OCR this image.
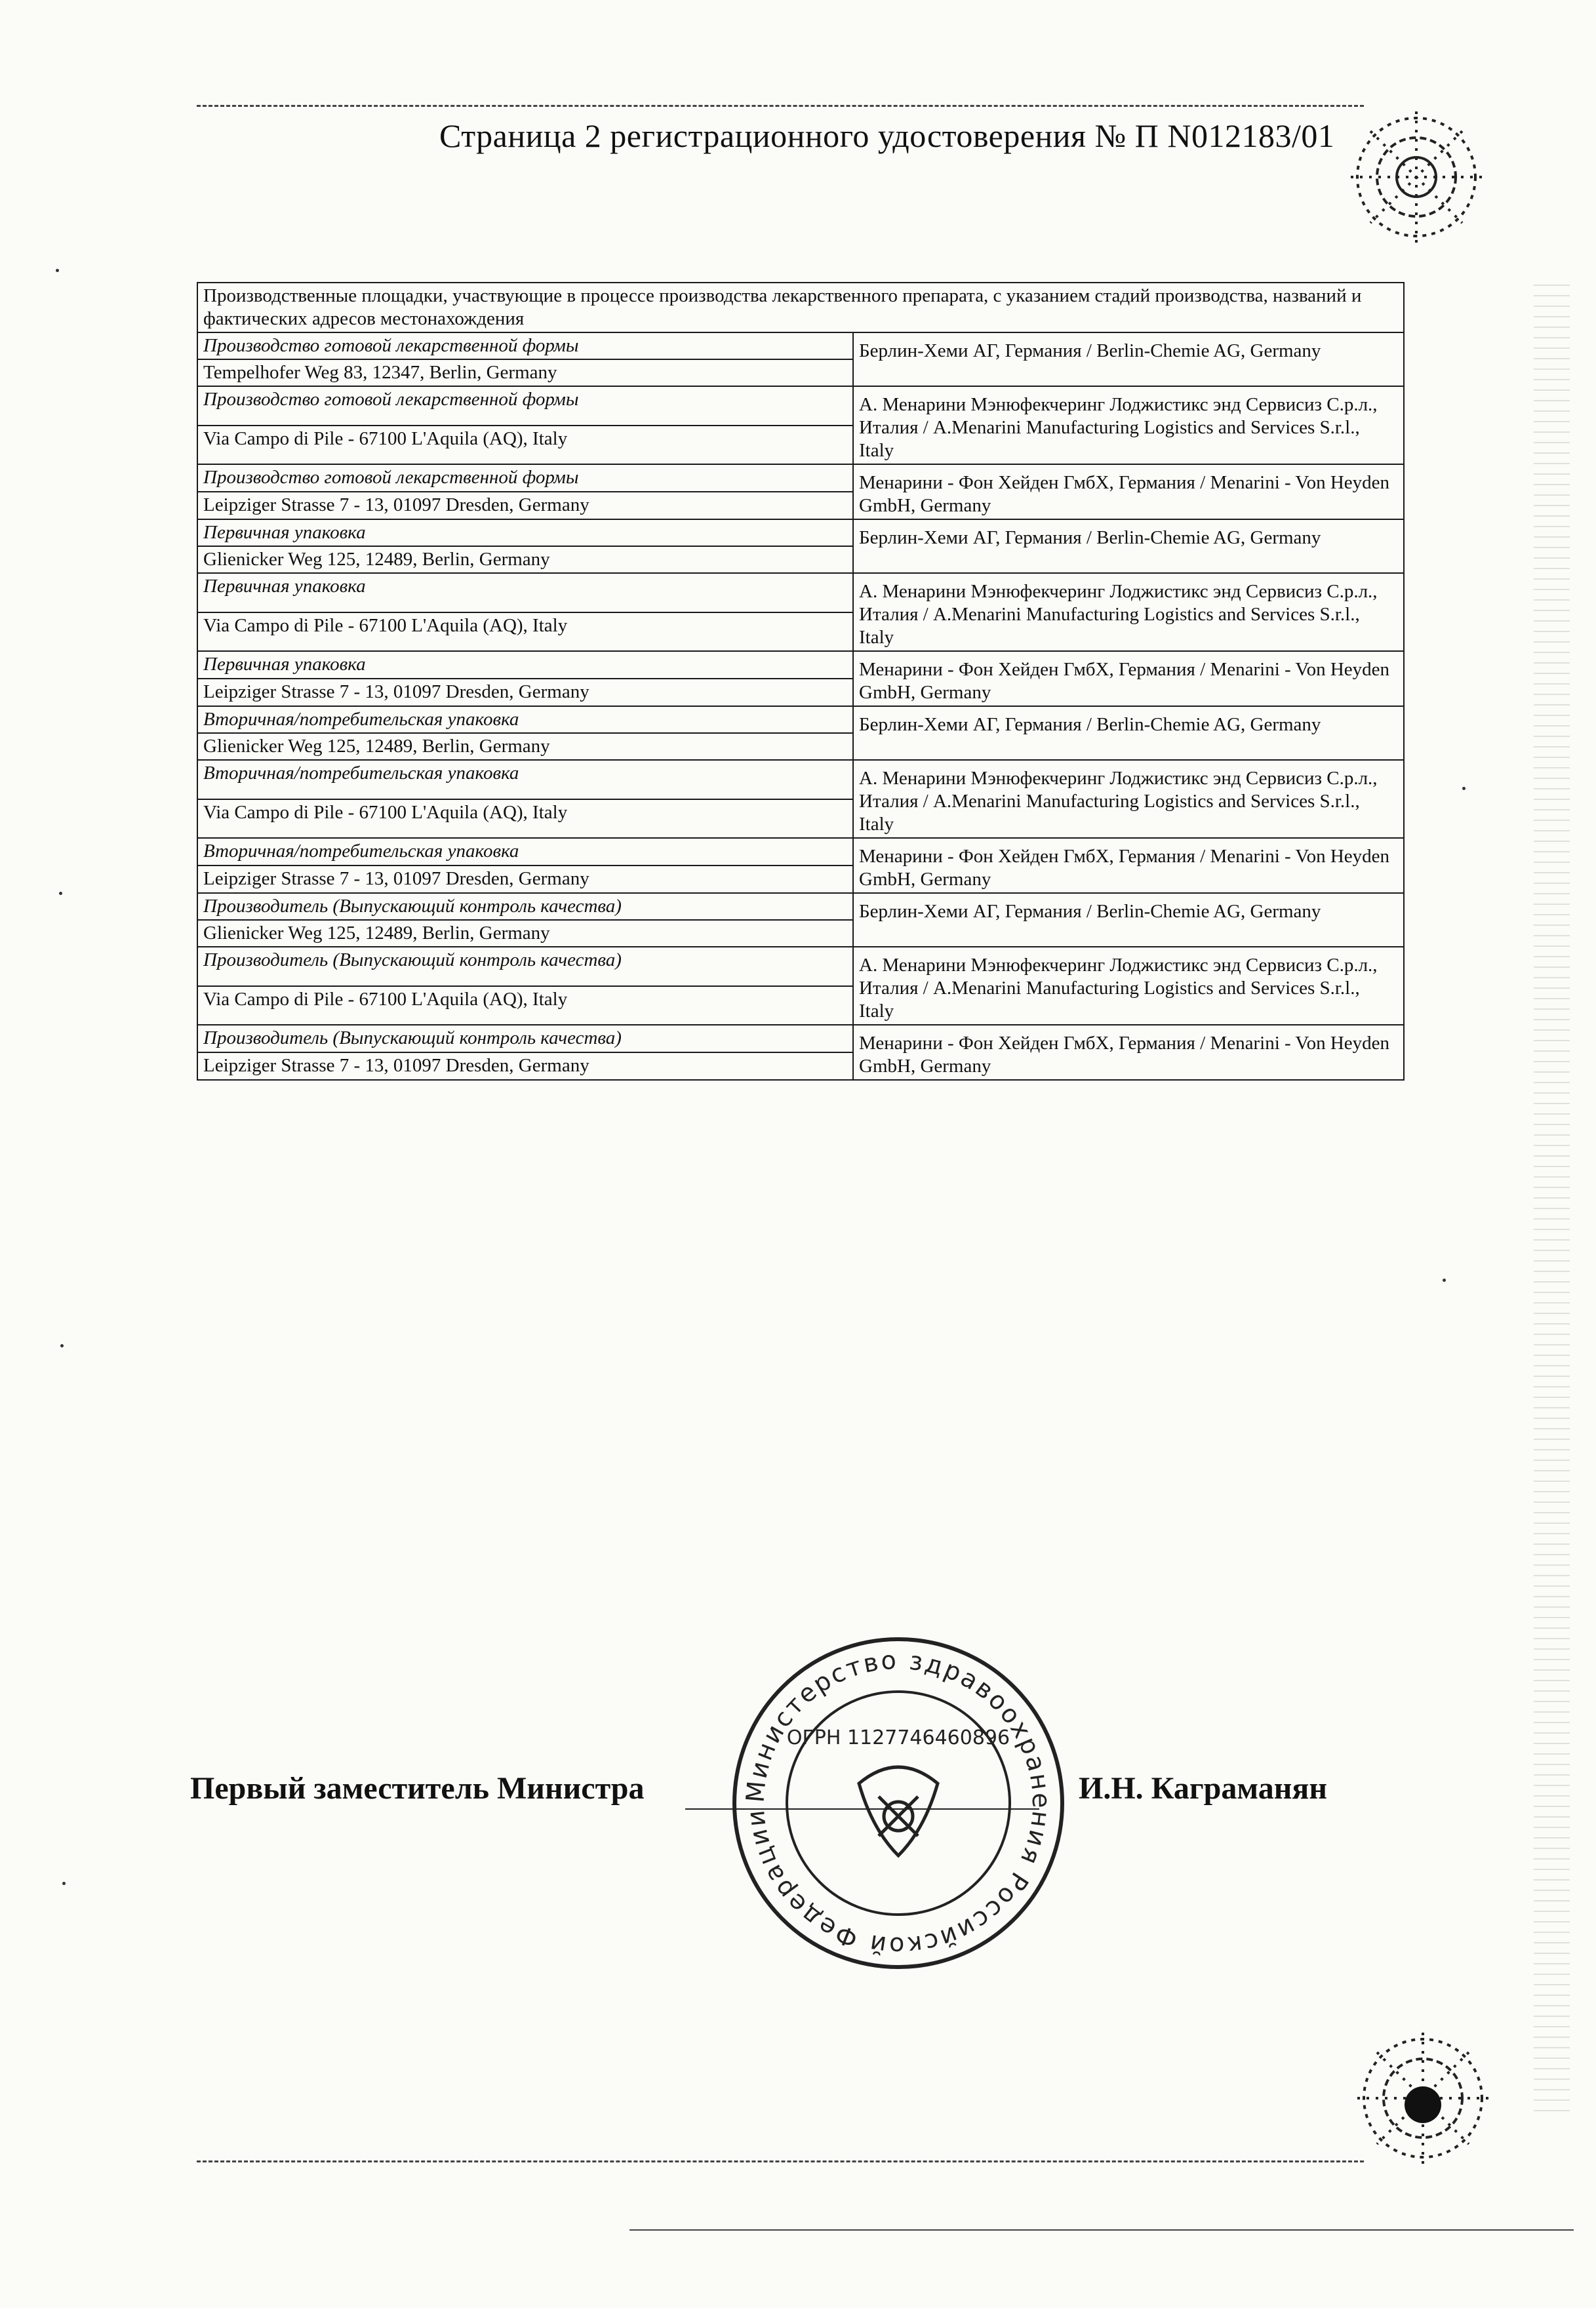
Страница 2 регистрационного удостоверения № П N012183/01
Производственные площадки, участвующие в процессе производства лекарственного препарата, с указанием стадий производства, названий и фактических адресов местонахождения	
Производство готовой лекарственной формы	Берлин-Хеми АГ, Германия / Berlin-Chemie AG, Germany
Tempelhofer Weg 83, 12347, Berlin, Germany	
Производство готовой лекарственной формы	А. Менарини Мэнюфекчеринг Лоджистикс энд Сервисиз С.р.л., Италия / A.Menarini Manufacturing Logistics and Services S.r.l., Italy
Via Campo di Pile - 67100 L'Aquila (AQ), Italy	
Производство готовой лекарственной формы	Менарини - Фон Хейден ГмбХ, Германия / Menarini - Von Heyden GmbH, Germany
Leipziger Strasse 7 - 13, 01097 Dresden, Germany	
Первичная упаковка	Берлин-Хеми АГ, Германия / Berlin-Chemie AG, Germany
Glienicker Weg 125, 12489, Berlin, Germany	
Первичная упаковка	А. Менарини Мэнюфекчеринг Лоджистикс энд Сервисиз С.р.л., Италия / A.Menarini Manufacturing Logistics and Services S.r.l., Italy
Via Campo di Pile - 67100 L'Aquila (AQ), Italy	
Первичная упаковка	Менарини - Фон Хейден ГмбХ, Германия / Menarini - Von Heyden GmbH, Germany
Leipziger Strasse 7 - 13, 01097 Dresden, Germany	
Вторичная/потребительская упаковка	Берлин-Хеми АГ, Германия / Berlin-Chemie AG, Germany
Glienicker Weg 125, 12489, Berlin, Germany	
Вторичная/потребительская упаковка	А. Менарини Мэнюфекчеринг Лоджистикс энд Сервисиз С.р.л., Италия / A.Menarini Manufacturing Logistics and Services S.r.l., Italy
Via Campo di Pile - 67100 L'Aquila (AQ), Italy	
Вторичная/потребительская упаковка	Менарини - Фон Хейден ГмбХ, Германия / Menarini - Von Heyden GmbH, Germany
Leipziger Strasse 7 - 13, 01097 Dresden, Germany	
Производитель (Выпускающий контроль качества)	Берлин-Хеми АГ, Германия / Berlin-Chemie AG, Germany
Glienicker Weg 125, 12489, Berlin, Germany	
Производитель (Выпускающий контроль качества)	А. Менарини Мэнюфекчеринг Лоджистикс энд Сервисиз С.р.л., Италия / A.Menarini Manufacturing Logistics and Services S.r.l., Italy
Via Campo di Pile - 67100 L'Aquila (AQ), Italy	
Производитель (Выпускающий контроль качества)	Менарини - Фон Хейден ГмбХ, Германия / Menarini - Von Heyden GmbH, Germany
Leipziger Strasse 7 - 13, 01097 Dresden, Germany	
Министерство здравоохранения Российской Федерации
ОГРН 1127746460896
Первый заместитель Министра	И.Н. Каграманян
